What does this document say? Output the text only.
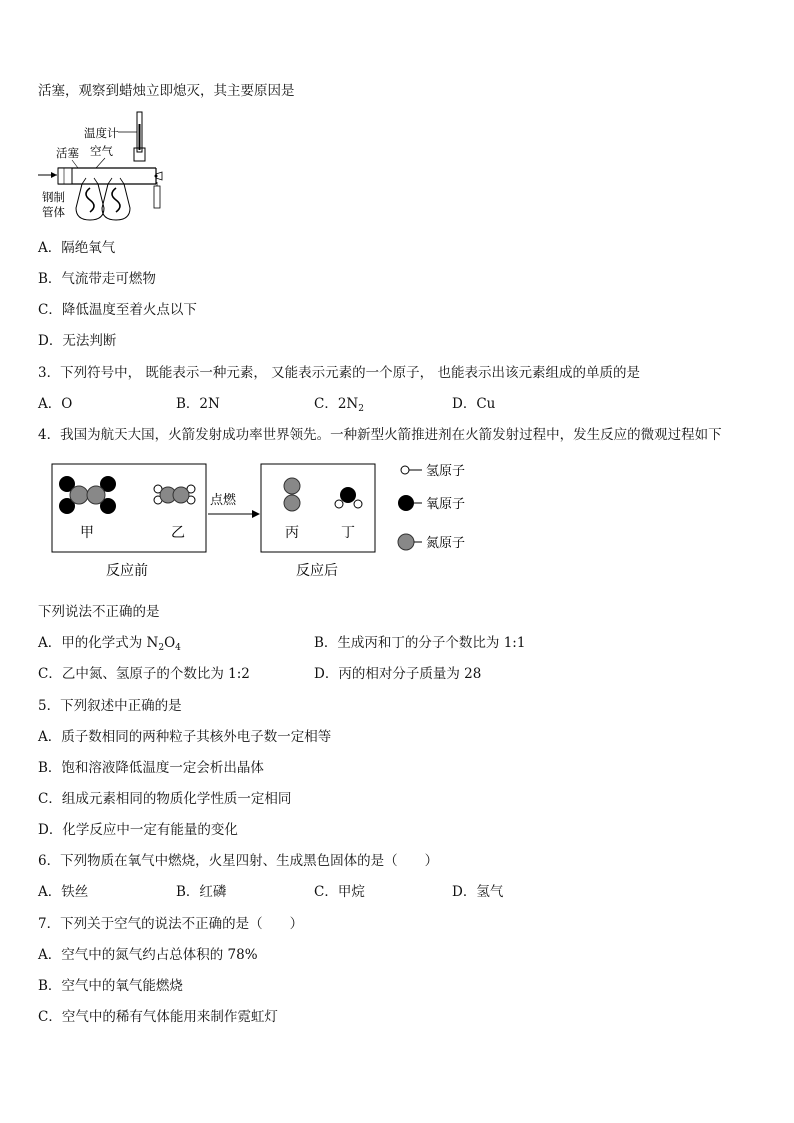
活塞，观察到蜡烛立即熄灭，其主要原因是
温度计
活塞 空气
钢制
管体
A．隔绝氧气
B．气流带走可燃物
C．降低温度至着火点以下
D．无法判断
3．下列符号中， 既能表示一种元素， 又能表示元素的一个原子， 也能表示出该元素组成的单质的是
A．O	B．2N	C．$2N_2$	D．Cu
4．我国为航天大国，火箭发射成功率世界领先。一种新型火箭推进剂在火箭发射过程中，发生反应的微观过程如下
甲	乙
点燃
丙	丁
反应前	反应后
氢原子
氧原子
氮原子
下列说法不正确的是
A．甲的化学式为 $N_2O_4$	B．生成丙和丁的分子个数比为 1:1
C．乙中氮、氢原子的个数比为 1:2	D．丙的相对分子质量为 28
5．下列叙述中正确的是
A．质子数相同的两种粒子其核外电子数一定相等
B．饱和溶液降低温度一定会析出晶体
C．组成元素相同的物质化学性质一定相同
D．化学反应中一定有能量的变化
6．下列物质在氧气中燃烧，火星四射、生成黑色固体的是（　　）
A．铁丝	B．红磷	C．甲烷	D．氢气
7．下列关于空气的说法不正确的是（　　）
A．空气中的氮气约占总体积的 78%
B．空气中的氧气能燃烧
C．空气中的稀有气体能用来制作霓虹灯
